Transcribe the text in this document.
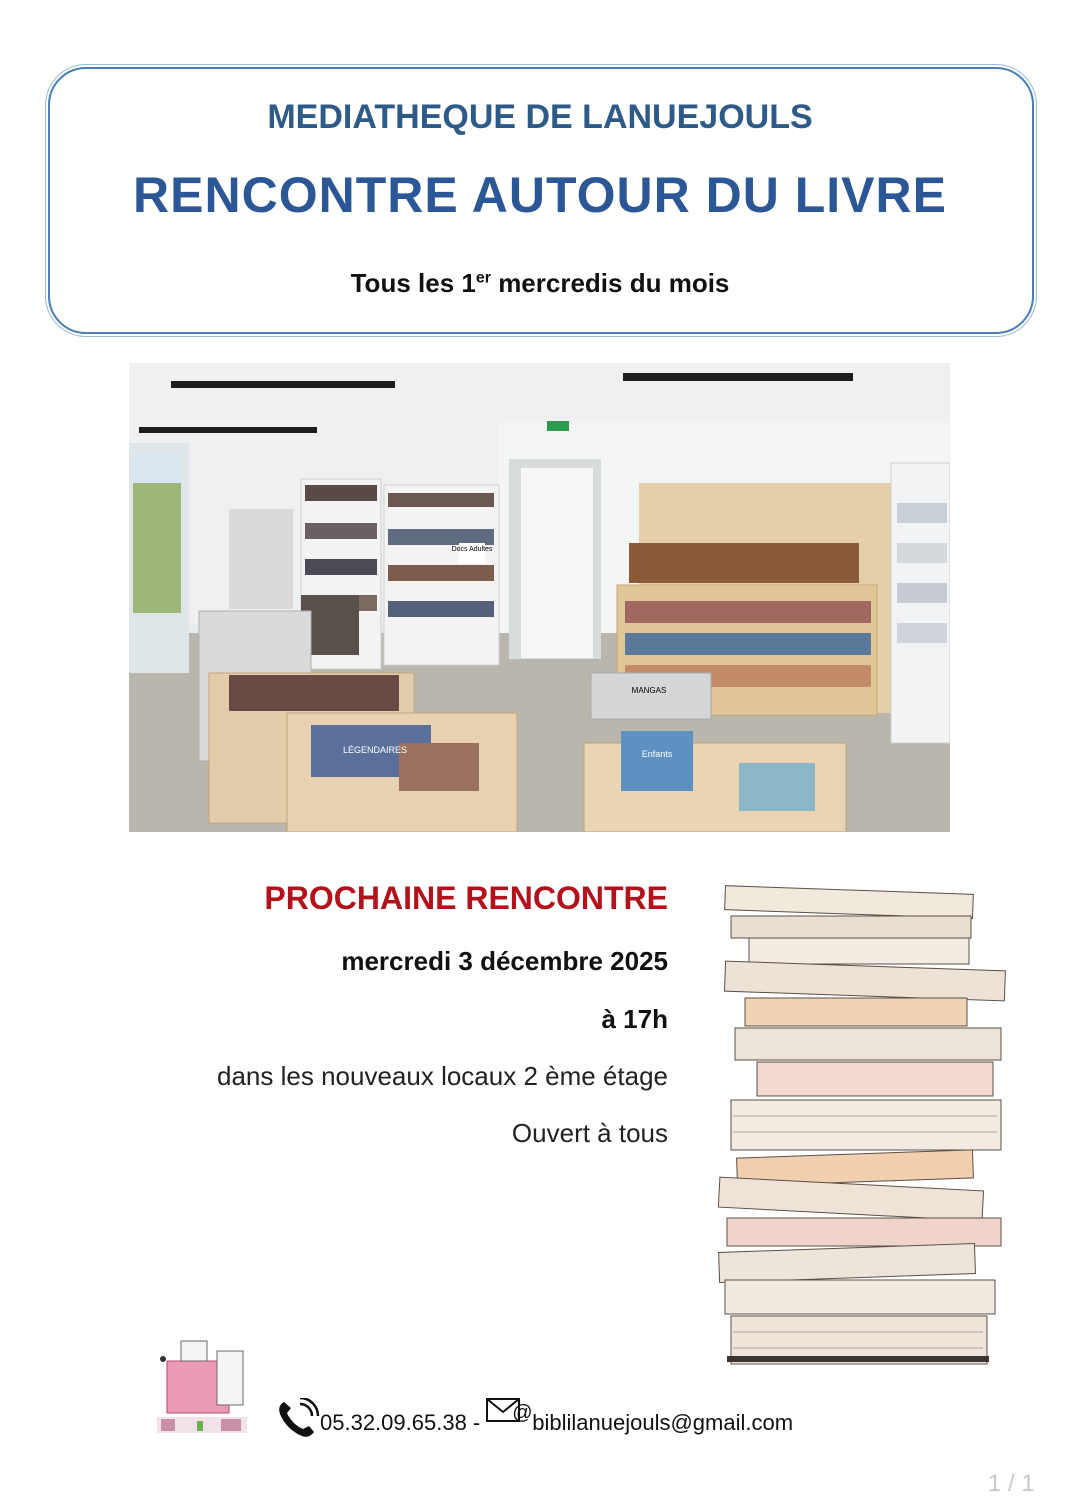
MEDIATHEQUE DE LANUEJOULS
RENCONTRE AUTOUR DU LIVRE
Tous les 1er mercredis du mois
Docs Adultes
MANGAS
LÉGENDAIRES	Enfants
PROCHAINE RENCONTRE
mercredi 3 décembre 2025
à 17h
dans les nouveaux locaux 2 ème étage
Ouvert à tous
05.32.09.65.38 - @ biblilanuejouls@gmail.com
1 / 1
